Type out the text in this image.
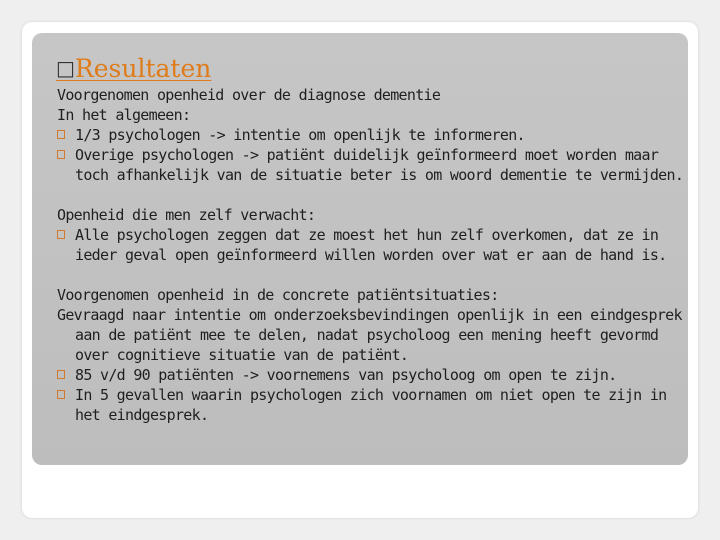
□Resultaten

Voorgenomen openheid over de diagnose dementie

In het algemeen:

1/3 psychologen -> intentie om openlijk te informeren.

Overige psychologen -> patiënt duidelijk geïnformeerd moet worden maar toch afhankelijk van de situatie beter is om woord dementie te vermijden.

Openheid die men zelf verwacht:

Alle psychologen zeggen dat ze moest het hun zelf overkomen, dat ze in ieder geval open geïnformeerd willen worden over wat er aan de hand is.

Voorgenomen openheid in de concrete patiëntsituaties:

Gevraagd naar intentie om onderzoeksbevindingen openlijk in een eindgesprek aan de patiënt mee te delen, nadat psycholoog een mening heeft gevormd over cognitieve situatie van de patiënt.

85 v/d 90 patiënten -> voornemens van psycholoog om open te zijn.

In 5 gevallen waarin psychologen zich voornamen om niet open te zijn in het eindgesprek.
